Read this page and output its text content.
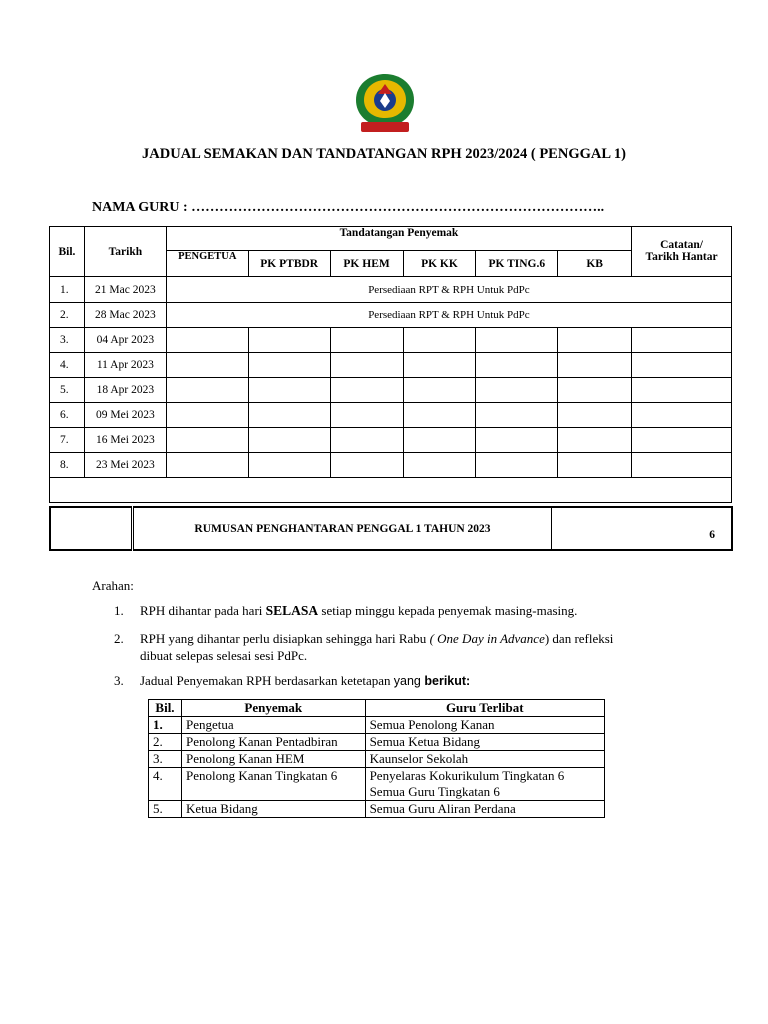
JADUAL SEMAKAN DAN TANDATANGAN RPH 2023/2024 ( PENGGAL 1)
NAMA GURU : ……………………………………………………………………………..
Bil.	Tarikh	Tandatangan Penyemak						Catatan/
		PENGETUA	PK PTBDR	PK HEM	PK KK	PK TING.6	KB	Tarikh Hantar
1.	21 Mac 2023	Persediaan RPT & RPH Untuk PdPc						
2.	28 Mac 2023	Persediaan RPT & RPH Untuk PdPc						
3.	04 Apr 2023							
4.	11 Apr 2023							
5.	18 Apr 2023							
6.	09 Mei 2023							
7.	16 Mei 2023							
8.	23 Mei 2023							

	RUMUSAN PENGHANTARAN PENGGAL 1 TAHUN 2023	6
Arahan:
1. RPH dihantar pada hari SELASA setiap minggu kepada penyemak masing-masing.
2. RPH yang dihantar perlu disiapkan sehingga hari Rabu ( One Day in Advance) dan refleksi
dibuat selepas selesai sesi PdPc.
3. Jadual Penyemakan RPH berdasarkan ketetapan yang berikut:
Bil.	Penyemak	Guru Terlibat
1.	Pengetua	Semua Penolong Kanan
2.	Penolong Kanan Pentadbiran	Semua Ketua Bidang
3.	Penolong Kanan HEM	Kaunselor Sekolah
4.	Penolong Kanan Tingkatan 6	Penyelaras Kokurikulum Tingkatan 6
Semua Guru Tingkatan 6
5.	Ketua Bidang	Semua Guru Aliran Perdana
